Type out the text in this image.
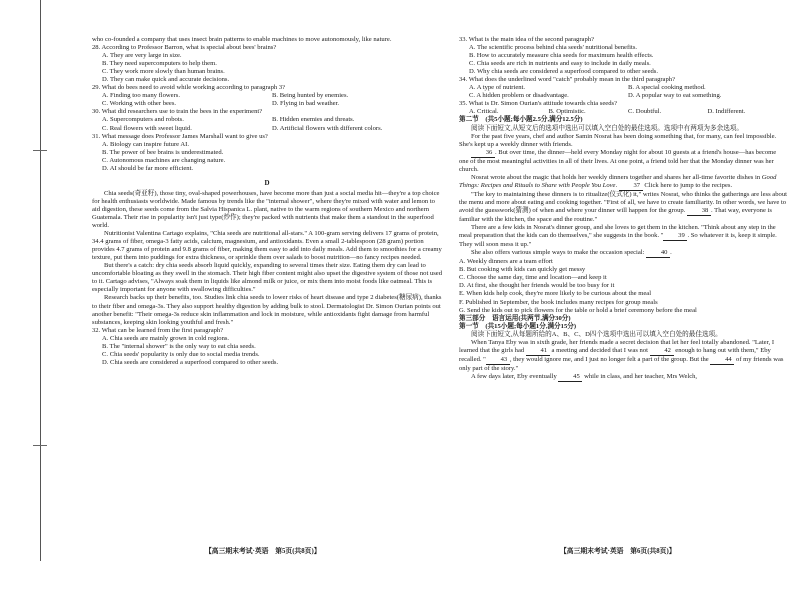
who co-founded a company that uses insect brain patterns to enable machines to move autonomously, like nature.

28. According to Professor Barron, what is special about bees' brains?

A. They are very large in size.
B. They need supercomputers to help them.
C. They work more slowly than human brains.
D. They can make quick and accurate decisions.

29. What do bees need to avoid while working according to paragraph 3?

A. Finding too many flowers.	B. Being hunted by enemies.
C. Working with other bees.	D. Flying in bad weather.

30. What did researchers use to train the bees in the experiment?

A. Supercomputers and robots.	B. Hidden enemies and threats.
C. Real flowers with sweet liquid.	D. Artificial flowers with different colors.

31. What message does Professor James Marshall want to give us?

A. Biology can inspire future AI.
B. The power of bee brains is underestimated.
C. Autonomous machines are changing nature.
D. AI should be far more efficient.

D

Chia seeds(奇亚籽), those tiny, oval-shaped powerhouses, have become more than just a social media hit—they're a top choice for health enthusiasts worldwide. Made famous by trends like the "internal shower", where they're mixed with water and lemon to aid digestion, these seeds come from the Salvia Hispanica L. plant, native to the warm regions of southern Mexico and northern Guatemala. Their rise in popularity isn't just type(炒作); they're packed with nutrients that make them a standout in the superfood world.

Nutritionist Valentina Cartago explains, "Chia seeds are nutritional all-stars." A 100-gram serving delivers 17 grams of protein, 34.4 grams of fiber, omega-3 fatty acids, calcium, magnesium, and antioxidants. Even a small 2-tablespoon (28 gram) portion provides 4.7 grams of protein and 9.8 grams of fiber, making them easy to add into daily meals. Add them to smoothies for a creamy texture, put them into puddings for extra thickness, or sprinkle them over salads to boost nutrition—no fancy recipes needed.

But there's a catch: dry chia seeds absorb liquid quickly, expanding to several times their size. Eating them dry can lead to uncomfortable bloating as they swell in the stomach. Their high fiber content might also upset the digestive system of those not used to it. Cartago advises, "Always soak them in liquids like almond milk or juice, or mix them into moist foods like oatmeal. This is especially important for anyone with swallowing difficulties."

Research backs up their benefits, too. Studies link chia seeds to lower risks of heart disease and type 2 diabetes(糖尿病), thanks to their fiber and omega-3s. They also support healthy digestion by adding bulk to stool. Dermatologist Dr. Simon Ourian points out another benefit: "Their omega-3s reduce skin inflammation and lock in moisture, while antioxidants fight damage from harmful substances, keeping skin looking youthful and fresh."

32. What can be learned from the first paragraph?

A. Chia seeds are mainly grown in cold regions.
B. The "internal shower" is the only way to eat chia seeds.
C. Chia seeds' popularity is only due to social media trends.
D. Chia seeds are considered a superfood compared to other seeds.

33. What is the main idea of the second paragraph?

A. The scientific process behind chia seeds' nutritional benefits.
B. How to accurately measure chia seeds for maximum health effects.
C. Chia seeds are rich in nutrients and easy to include in daily meals.
D. Why chia seeds are considered a superfood compared to other seeds.

34. What does the underlined word "catch" probably mean in the third paragraph?

A. A type of nutrient.	B. A special cooking method.
C. A hidden problem or disadvantage.	D. A popular way to eat something.

35. What is Dr. Simon Ourian's attitude towards chia seeds?

A. Critical.	B. Optimistic.	C. Doubtful.	D. Indifferent.

第二节　(共5小题;每小题2.5分,满分12.5分)

阅读下面短文,从短文后的选项中选出可以填入空白处的最佳选项。选项中有两项为多余选项。

For the past five years, chef and author Samin Nosrat has been doing something that, for many, can feel impossible. She's kept up a weekly dinner with friends.

36 . But over time, the dinner—held every Monday night for about 10 guests at a friend's house—has become one of the most meaningful activities in all of their lives. At one point, a friend told her that the Monday dinner was her church.

Nosrat wrote about the magic that holds her weekly dinners together and shares her all-time favorite dishes in Good Things: Recipes and Rituals to Share with People You Love. 37 Click here to jump to the recipes.

"The key to maintaining these dinners is to ritualize(仪式化) it," writes Nosrat, who thinks the gatherings are less about the menu and more about eating and cooking together. "First of all, we have to create familiarity. In other words, we have to avoid the guesswork(猜测) of when and where your dinner will happen for the group. 38 . That way, everyone is familiar with the kitchen, the space and the routine."

There are a few kids in Nosrat's dinner group, and she loves to get them in the kitchen. "Think about any step in the meal preparation that the kids can do themselves," she suggests in the book. " 39 . So whatever it is, keep it simple. They will soon mess it up."

She also offers various simple ways to make the occasion special: 40 .

A. Weekly dinners are a team effort
B. But cooking with kids can quickly get messy
C. Choose the same day, time and location—and keep it
D. At first, she thought her friends would be too busy for it
E. When kids help cook, they're more likely to be curious about the meal
F. Published in September, the book includes many recipes for group meals
G. Send the kids out to pick flowers for the table or hold a brief ceremony before the meal

第三部分　语言运用(共两节,满分30分)

第一节　(共15小题;每小题1分,满分15分)

阅读下面短文,从每题所给的A、B、C、D四个选项中选出可以填入空白处的最佳选项。

When Tanya Eby was in sixth grade, her friends made a secret decision that let her feel totally abandoned. "Later, I learned that the girls had 41 a meeting and decided that I was not 42 enough to hang out with them," Eby recalled. " 43 , they would ignore me, and I just no longer felt a part of the group. But the 44 of my friends was only part of the story."

A few days later, Eby eventually 45 while in class, and her teacher, Mrs Welch,

【高三期末考试·英语　第5页(共8页)】	【高三期末考试·英语　第6页(共8页)】
